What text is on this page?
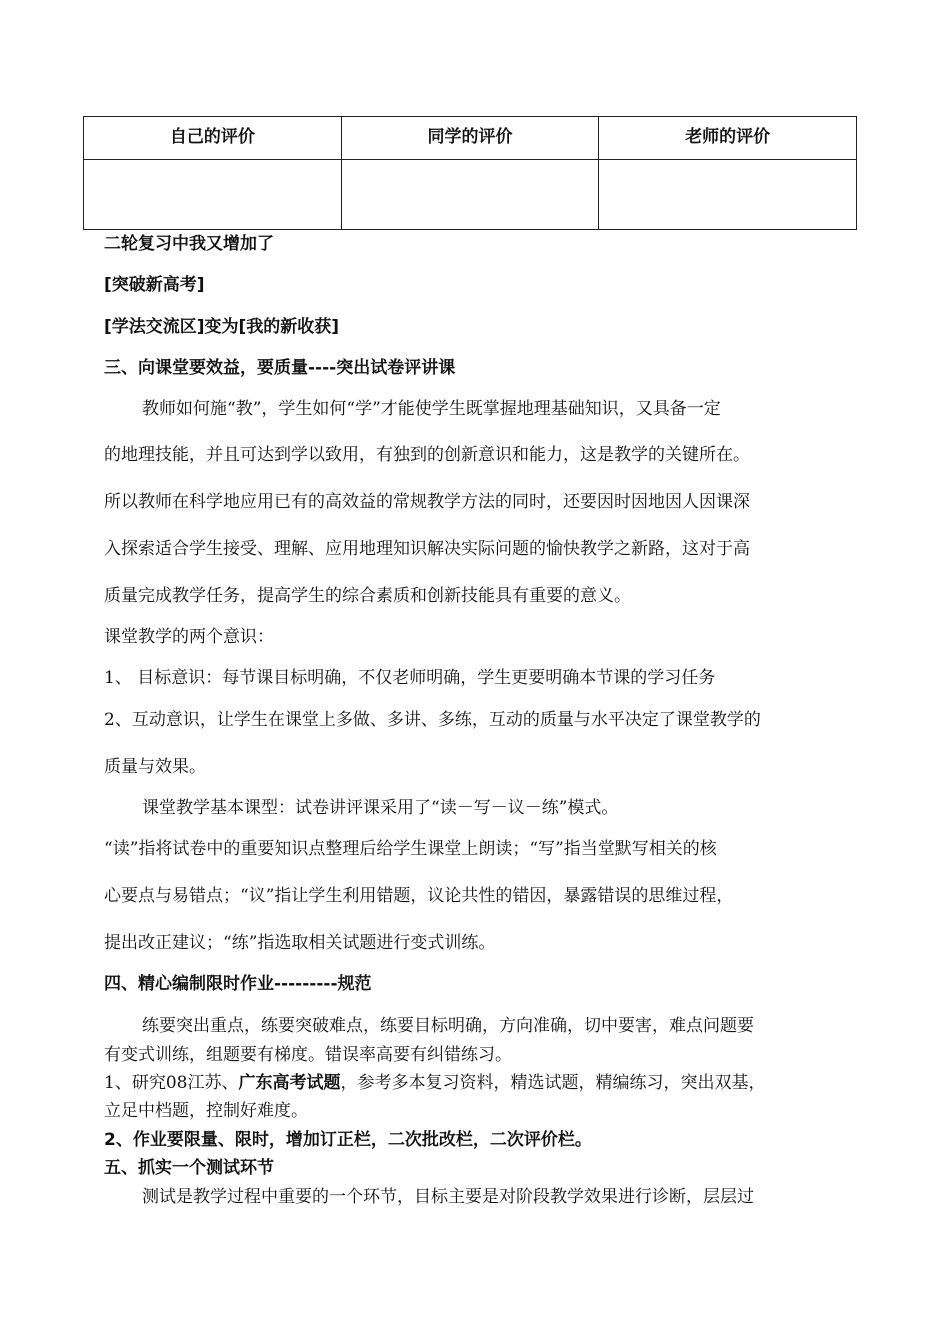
自己的评价	同学的评价	老师的评价

二轮复习中我又增加了
[突破新高考]
[学法交流区]变为[我的新收获]
三、向课堂要效益，要质量----突出试卷评讲课
教师如何施“教”，学生如何“学”才能使学生既掌握地理基础知识，又具备一定
的地理技能，并且可达到学以致用，有独到的创新意识和能力，这是教学的关键所在。
所以教师在科学地应用已有的高效益的常规教学方法的同时，还要因时因地因人因课深
入探索适合学生接受、理解、应用地理知识解决实际问题的愉快教学之新路，这对于高
质量完成教学任务，提高学生的综合素质和创新技能具有重要的意义。
课堂教学的两个意识：
1、 目标意识：每节课目标明确，不仅老师明确，学生更要明确本节课的学习任务
2、互动意识，让学生在课堂上多做、多讲、多练，互动的质量与水平决定了课堂教学的
质量与效果。
课堂教学基本课型：试卷讲评课采用了“读－写－议－练”模式。
“读”指将试卷中的重要知识点整理后给学生课堂上朗读；“写”指当堂默写相关的核
心要点与易错点；“议”指让学生利用错题，议论共性的错因，暴露错误的思维过程，
提出改正建议；“练”指选取相关试题进行变式训练。
四、精心编制限时作业---------规范
练要突出重点，练要突破难点，练要目标明确，方向准确，切中要害，难点问题要
有变式训练，组题要有梯度。错误率高要有纠错练习。
1、研究08江苏、广东高考试题，参考多本复习资料，精选试题，精编练习，突出双基，
立足中档题，控制好难度。
2、作业要限量、限时，增加订正栏，二次批改栏，二次评价栏。
五、抓实一个测试环节
测试是教学过程中重要的一个环节，目标主要是对阶段教学效果进行诊断，层层过
